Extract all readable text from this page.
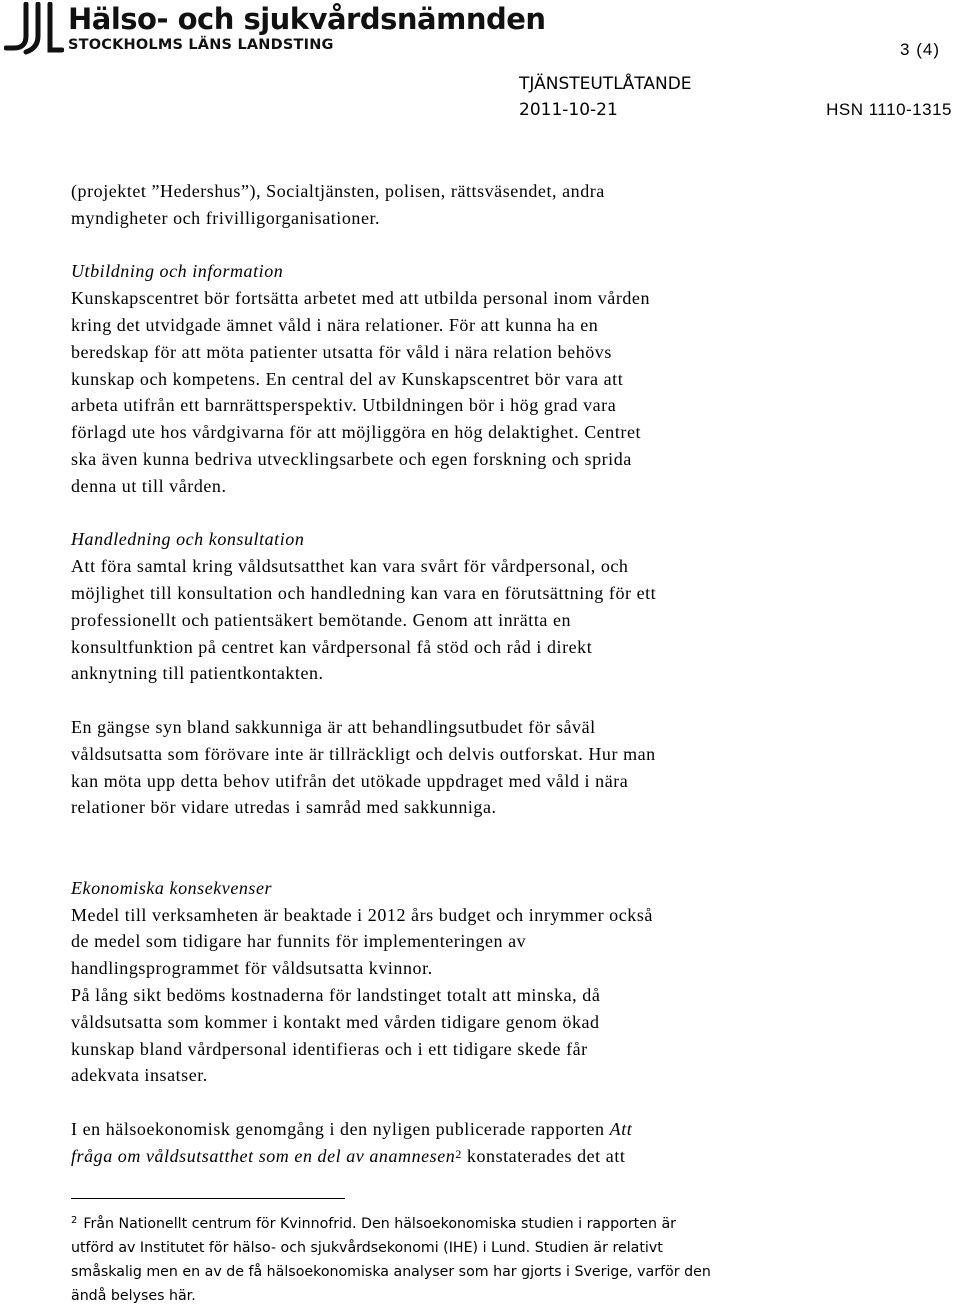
Hälso- och sjukvårdsnämnden
STOCKHOLMS LÄNS LANDSTING	3 (4)
TJÄNSTEUTLÅTANDE
2011-10-21	HSN 1110-1315

(projektet ”Hedershus”), Socialtjänsten, polisen, rättsväsendet, andra
myndigheter och frivilligorganisationer.

Utbildning och information

Kunskapscentret bör fortsätta arbetet med att utbilda personal inom vården
kring det utvidgade ämnet våld i nära relationer. För att kunna ha en
beredskap för att möta patienter utsatta för våld i nära relation behövs
kunskap och kompetens. En central del av Kunskapscentret bör vara att
arbeta utifrån ett barnrättsperspektiv. Utbildningen bör i hög grad vara
förlagd ute hos vårdgivarna för att möjliggöra en hög delaktighet. Centret
ska även kunna bedriva utvecklingsarbete och egen forskning och sprida
denna ut till vården.

Handledning och konsultation

Att föra samtal kring våldsutsatthet kan vara svårt för vårdpersonal, och
möjlighet till konsultation och handledning kan vara en förutsättning för ett
professionellt och patientsäkert bemötande. Genom att inrätta en
konsultfunktion på centret kan vårdpersonal få stöd och råd i direkt
anknytning till patientkontakten.

En gängse syn bland sakkunniga är att behandlingsutbudet för såväl
våldsutsatta som förövare inte är tillräckligt och delvis outforskat. Hur man
kan möta upp detta behov utifrån det utökade uppdraget med våld i nära
relationer bör vidare utredas i samråd med sakkunniga.

Ekonomiska konsekvenser

Medel till verksamheten är beaktade i 2012 års budget och inrymmer också
de medel som tidigare har funnits för implementeringen av
handlingsprogrammet för våldsutsatta kvinnor.
På lång sikt bedöms kostnaderna för landstinget totalt att minska, då
våldsutsatta som kommer i kontakt med vården tidigare genom ökad
kunskap bland vårdpersonal identifieras och i ett tidigare skede får
adekvata insatser.

I en hälsoekonomisk genomgång i den nyligen publicerade rapporten Att
fråga om våldsutsatthet som en del av anamnesen$^2$ konstaterades det att

$^2$ Från Nationellt centrum för Kvinnofrid. Den hälsoekonomiska studien i rapporten är
utförd av Institutet för hälso- och sjukvårdsekonomi (IHE) i Lund. Studien är relativt
småskalig men en av de få hälsoekonomiska analyser som har gjorts i Sverige, varför den
ändå belyses här.
